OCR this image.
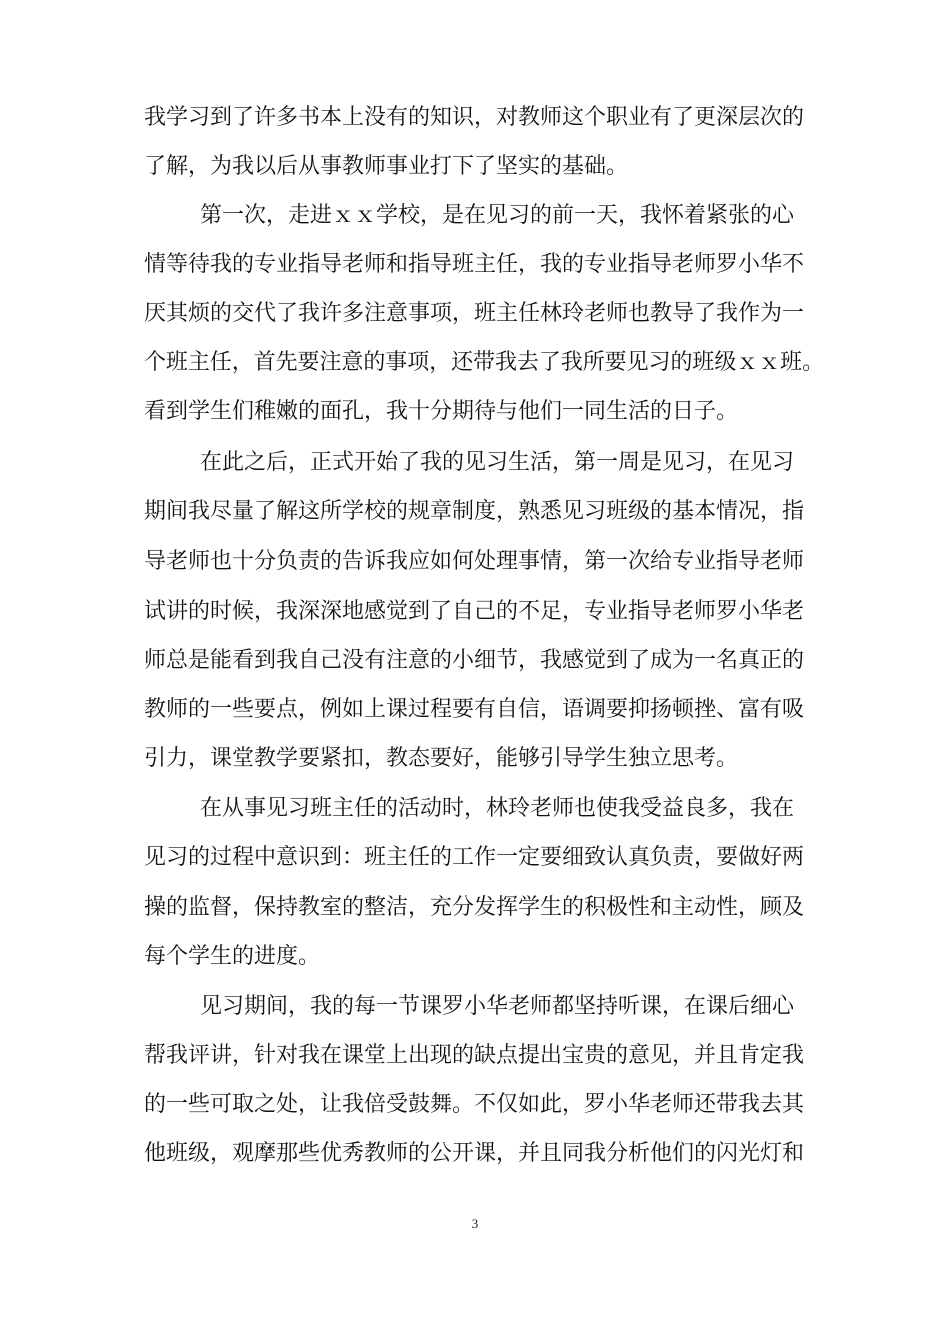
我学习到了许多书本上没有的知识，对教师这个职业有了更深层次的
了解，为我以后从事教师事业打下了坚实的基础。
第一次，走进ｘｘ学校，是在见习的前一天，我怀着紧张的心
情等待我的专业指导老师和指导班主任，我的专业指导老师罗小华不
厌其烦的交代了我许多注意事项，班主任林玲老师也教导了我作为一
个班主任，首先要注意的事项，还带我去了我所要见习的班级ｘｘ班。
看到学生们稚嫩的面孔，我十分期待与他们一同生活的日子。
在此之后，正式开始了我的见习生活，第一周是见习，在见习
期间我尽量了解这所学校的规章制度，熟悉见习班级的基本情况，指
导老师也十分负责的告诉我应如何处理事情，第一次给专业指导老师
试讲的时候，我深深地感觉到了自己的不足，专业指导老师罗小华老
师总是能看到我自己没有注意的小细节，我感觉到了成为一名真正的
教师的一些要点，例如上课过程要有自信，语调要抑扬顿挫、富有吸
引力，课堂教学要紧扣，教态要好，能够引导学生独立思考。
在从事见习班主任的活动时，林玲老师也使我受益良多，我在
见习的过程中意识到：班主任的工作一定要细致认真负责，要做好两
操的监督，保持教室的整洁，充分发挥学生的积极性和主动性，顾及
每个学生的进度。
见习期间，我的每一节课罗小华老师都坚持听课，在课后细心
帮我评讲，针对我在课堂上出现的缺点提出宝贵的意见，并且肯定我
的一些可取之处，让我倍受鼓舞。不仅如此，罗小华老师还带我去其
他班级，观摩那些优秀教师的公开课，并且同我分析他们的闪光灯和
3
